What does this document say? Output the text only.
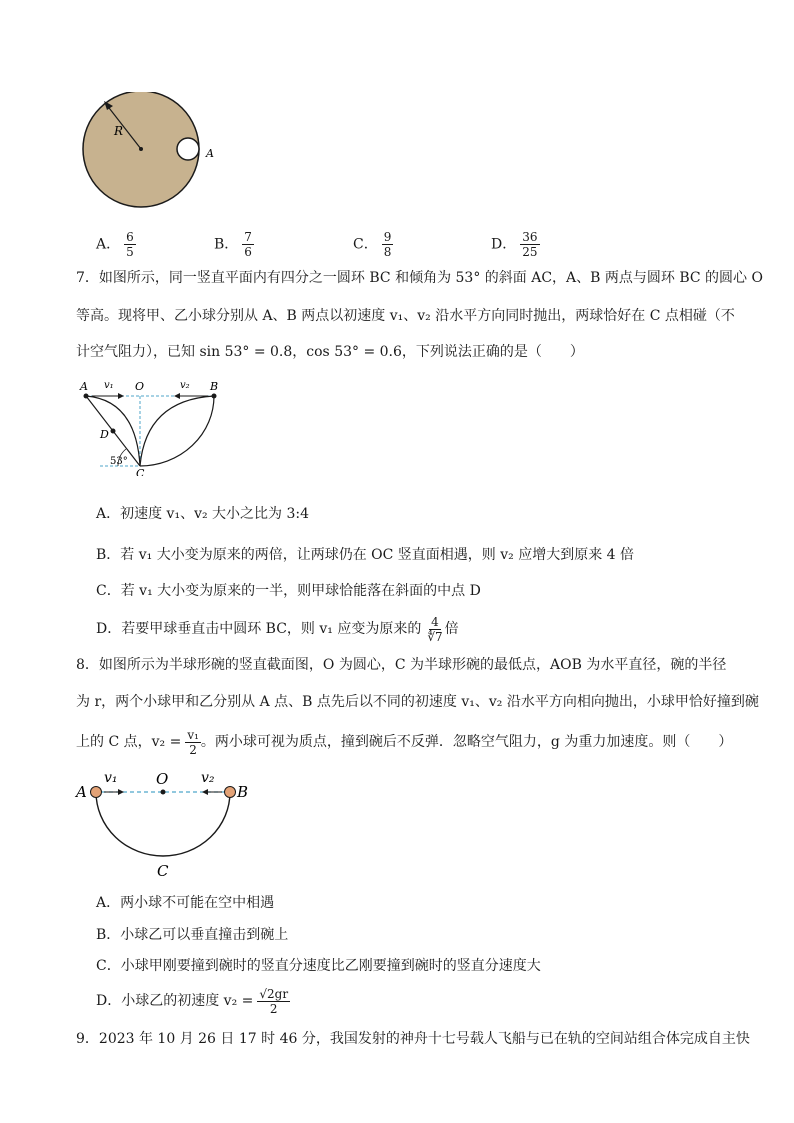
R
A
A． $\frac{6}{5}$	B． $\frac{7}{6}$	C． $\frac{9}{8}$	D． $\frac{36}{25}$
7．如图所示，同一竖直平面内有四分之一圆环 BC 和倾角为 53° 的斜面 AC，A、B 两点与圆环 BC 的圆心 O
等高。现将甲、乙小球分别从 A、B 两点以初速度 v₁、v₂ 沿水平方向同时抛出，两球恰好在 C 点相碰（不
计空气阻力），已知 sin 53° = 0.8，cos 53° = 0.6，下列说法正确的是（　　）
A v₁ O	v₂ B
D
53°
C
A．初速度 v₁、v₂ 大小之比为 3:4
B．若 v₁ 大小变为原来的两倍，让两球仍在 OC 竖直面相遇，则 v₂ 应增大到原来 4 倍
C．若 v₁ 大小变为原来的一半，则甲球恰能落在斜面的中点 D
D．若要甲球垂直击中圆环 BC，则 v₁ 应变为原来的 $\frac{4}{∜7}$ 倍
8．如图所示为半球形碗的竖直截面图，O 为圆心，C 为半球形碗的最低点，AOB 为水平直径，碗的半径
为 r，两个小球甲和乙分别从 A 点、B 点先后以不同的初速度 v₁、v₂ 沿水平方向相向抛出，小球甲恰好撞到碗
上的 C 点，$v_2 = \frac{\text{v₁}}{2}$ 。两小球可视为质点，撞到碗后不反弹．忽略空气阻力，g 为重力加速度。则（　　）
A
v₁	O v₂
B
C
A．两小球不可能在空中相遇
B．小球乙可以垂直撞击到碗上
C．小球甲刚要撞到碗时的竖直分速度比乙刚要撞到碗时的竖直分速度大
D．小球乙的初速度 $v_2 = \frac{√2gr}{2}$
9．2023 年 10 月 26 日 17 时 46 分，我国发射的神舟十七号载人飞船与已在轨的空间站组合体完成自主快
